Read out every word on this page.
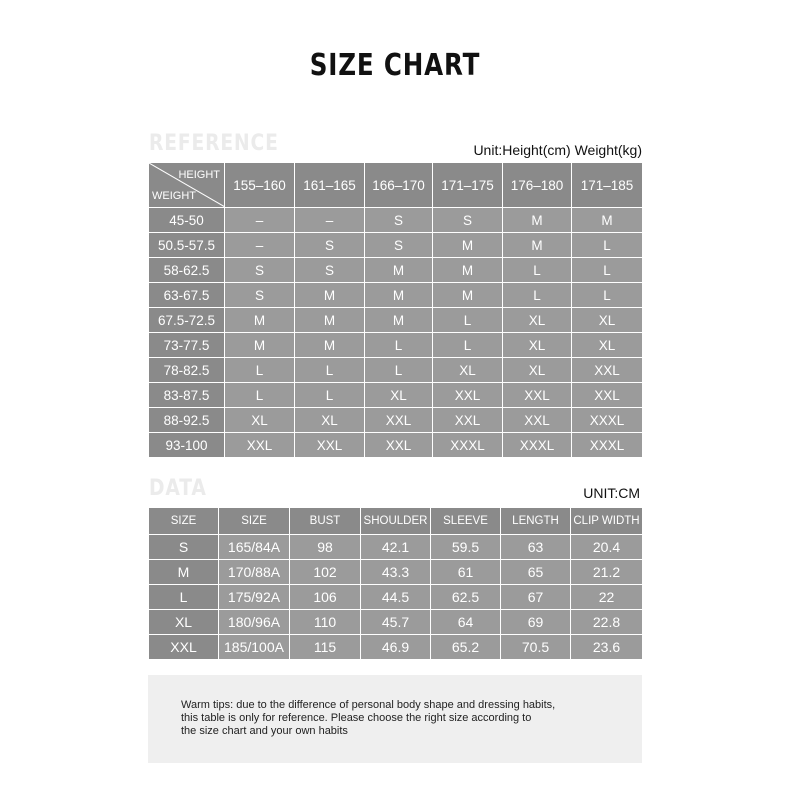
SIZE CHART
REFERENCE	Unit:Height(cm) Weight(kg)
HEIGHT
WEIGHT	155–160	161–165	166–170	171–175	176–180	171–185
45-50	–	–	S	S	M	M
50.5-57.5	–	S	S	M	M	L
58-62.5	S	S	M	M	L	L
63-67.5	S	M	M	M	L	L
67.5-72.5	M	M	M	L	XL	XL
73-77.5	M	M	L	L	XL	XL
78-82.5	L	L	L	XL	XL	XXL
83-87.5	L	L	XL	XXL	XXL	XXL
88-92.5	XL	XL	XXL	XXL	XXL	XXXL
93-100	XXL	XXL	XXL	XXXL	XXXL	XXXL
DATA	UNIT:CM
SIZE	SIZE	BUST	SHOULDER	SLEEVE	LENGTH	CLIP WIDTH
S	165/84A	98	42.1	59.5	63	20.4
M	170/88A	102	43.3	61	65	21.2
L	175/92A	106	44.5	62.5	67	22
XL	180/96A	110	45.7	64	69	22.8
XXL	185/100A	115	46.9	65.2	70.5	23.6

Warm tips: due to the difference of personal body shape and dressing habits,
this table is only for reference. Please choose the right size according to
the size chart and your own habits
